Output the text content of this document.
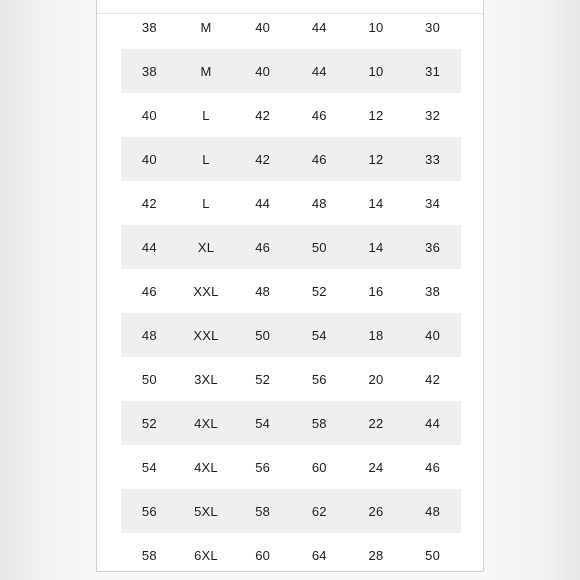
38	M	40	44	10	30
38	M	40	44	10	31
40	L	42	46	12	32
40	L	42	46	12	33
42	L	44	48	14	34
44	XL	46	50	14	36
46	XXL	48	52	16	38
48	XXL	50	54	18	40
50	3XL	52	56	20	42
52	4XL	54	58	22	44
54	4XL	56	60	24	46
56	5XL	58	62	26	48
58	6XL	60	64	28	50
